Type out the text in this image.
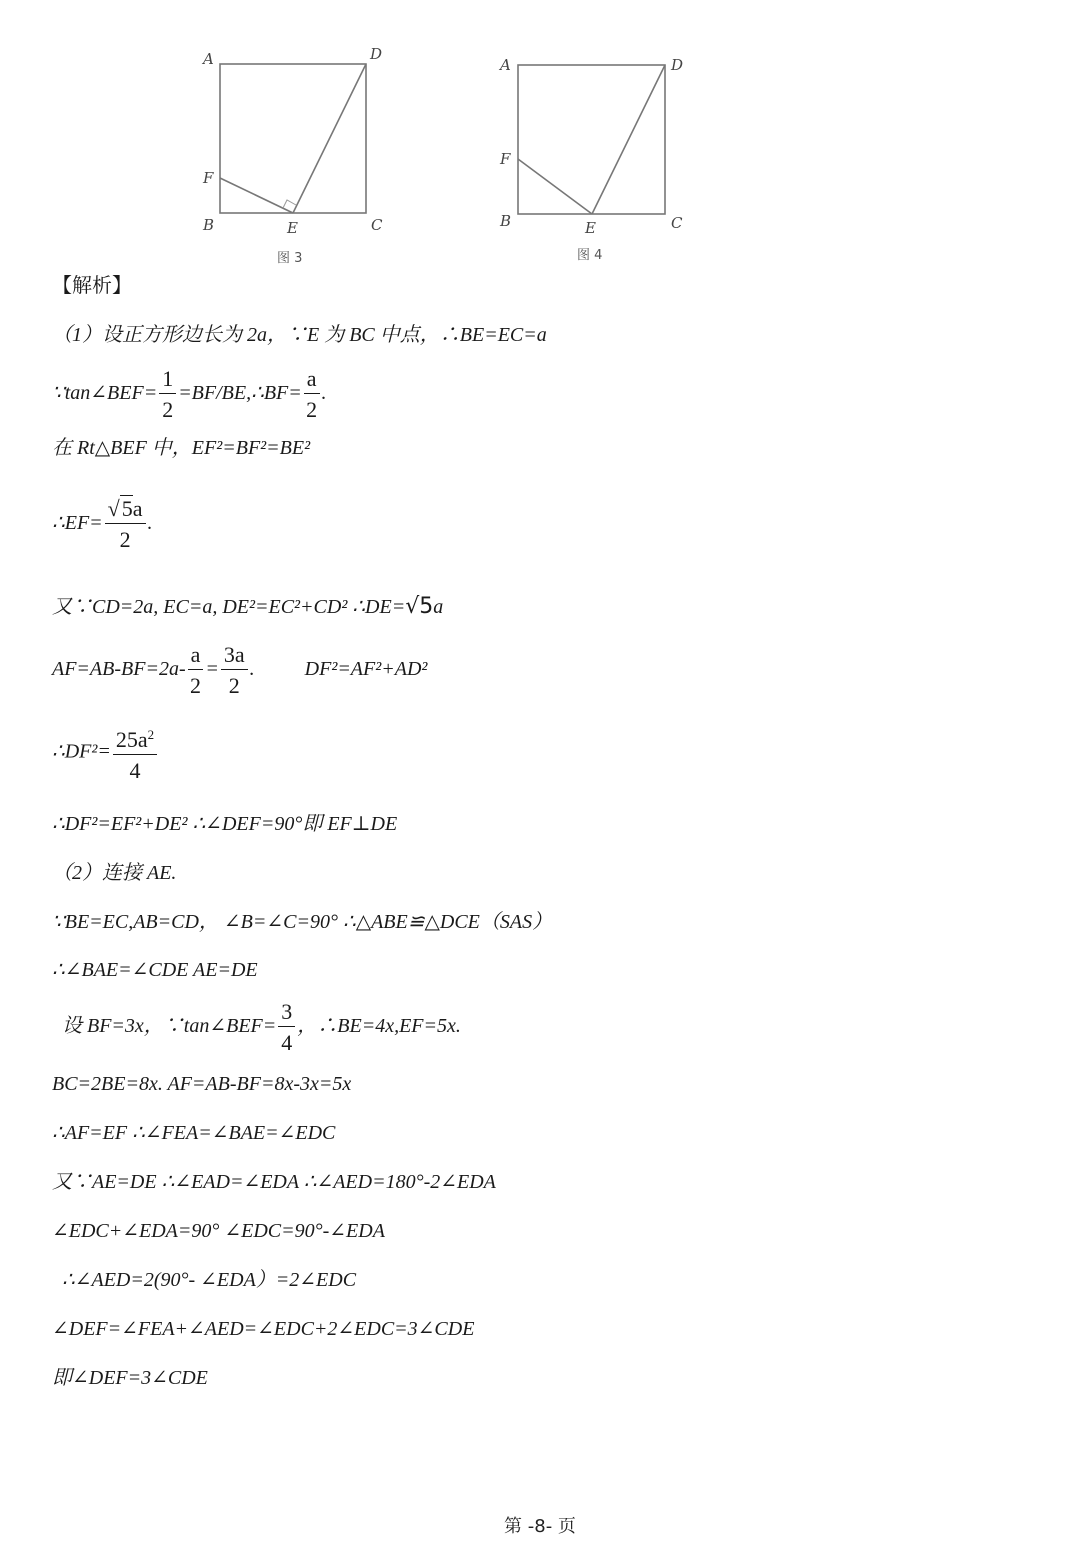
A	D
F
B	E	C
图 3
A	D
F
B	E	C
图 4
【解析】
（1）设正方形边长为 2a，∵E 为 BC 中点，∴BE=EC=a
∵tan∠BEF= $\frac{1}{2}$ =BF/BE,∴BF= $\frac{a}{2}$ .
在 Rt△BEF 中，EF²=BF²=BE²
∴EF= $\frac{√5a}{2}$ .
又∵CD=2a, EC=a, DE²=EC²+CD² ∴DE=√5a
$AF=AB-BF=2a- \frac{a}{2} = \frac{3a}{2}$ .	DF²=AF²+AD²
∴DF²= $\frac{25a^2}{4}$
∴DF²=EF²+DE² ∴∠DEF=90°即 EF⊥DE
（2）连接 AE.
∵BE=EC,AB=CD， ∠B=∠C=90° ∴△ABE≌△DCE（SAS）
∴∠BAE=∠CDE AE=DE
设 BF=3x，∵tan∠BEF= $\frac{3}{4}$ ，∴BE=4x,EF=5x.
BC=2BE=8x. AF=AB-BF=8x-3x=5x
∴AF=EF ∴∠FEA=∠BAE=∠EDC
又∵AE=DE ∴∠EAD=∠EDA ∴∠AED=180°-2∠EDA
∠EDC+∠EDA=90° ∠EDC=90°-∠EDA
∴∠AED=2(90°- ∠EDA）=2∠EDC
∠DEF=∠FEA+∠AED=∠EDC+2∠EDC=3∠CDE
即∠DEF=3∠CDE
第 -8- 页
